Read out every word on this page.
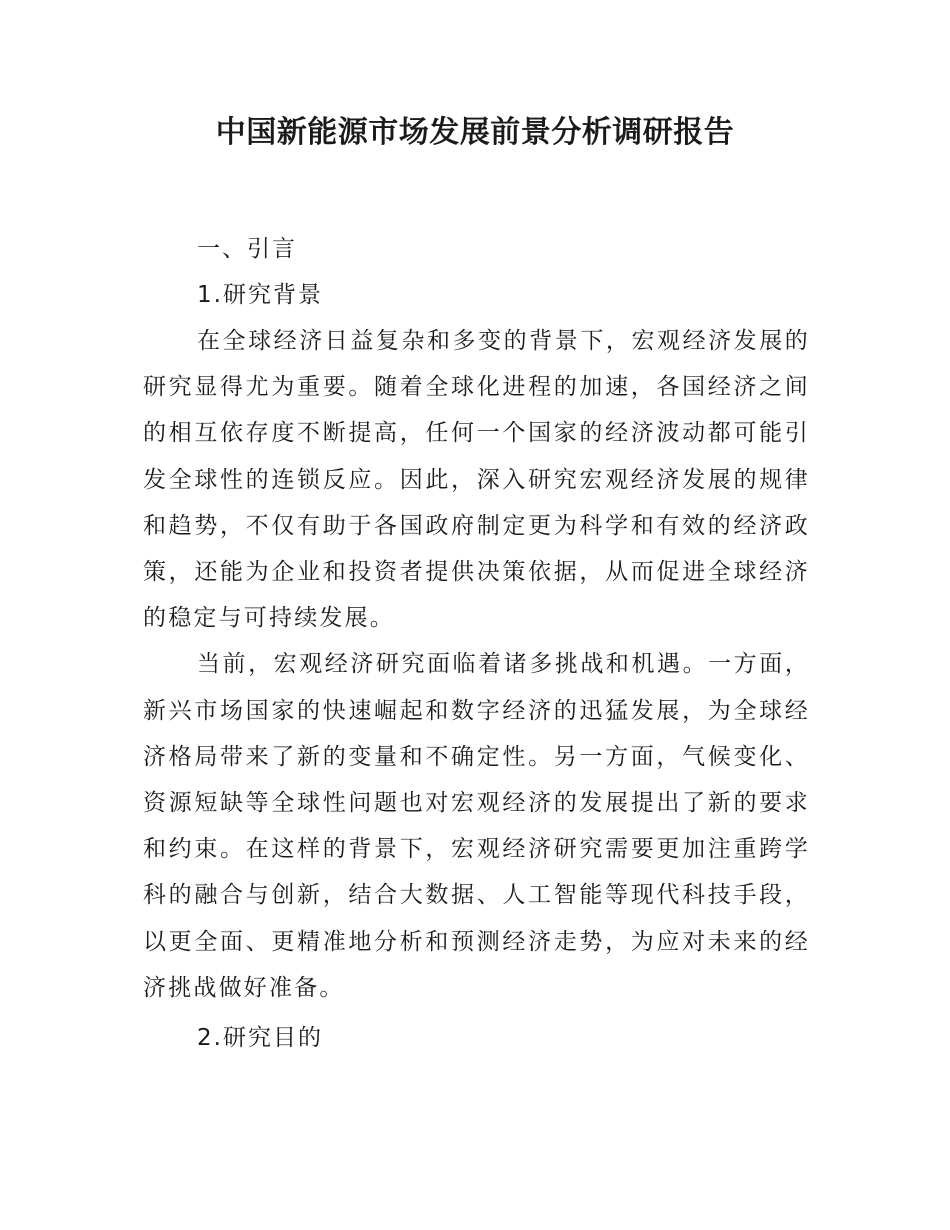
中国新能源市场发展前景分析调研报告

一、引言

1.研究背景

在全球经济日益复杂和多变的背景下，宏观经济发展的研究显得尤为重要。随着全球化进程的加速，各国经济之间的相互依存度不断提高，任何一个国家的经济波动都可能引发全球性的连锁反应。因此，深入研究宏观经济发展的规律和趋势，不仅有助于各国政府制定更为科学和有效的经济政策，还能为企业和投资者提供决策依据，从而促进全球经济的稳定与可持续发展。

当前，宏观经济研究面临着诸多挑战和机遇。一方面，新兴市场国家的快速崛起和数字经济的迅猛发展，为全球经济格局带来了新的变量和不确定性。另一方面，气候变化、资源短缺等全球性问题也对宏观经济的发展提出了新的要求和约束。在这样的背景下，宏观经济研究需要更加注重跨学科的融合与创新，结合大数据、人工智能等现代科技手段，以更全面、更精准地分析和预测经济走势，为应对未来的经济挑战做好准备。

2.研究目的
